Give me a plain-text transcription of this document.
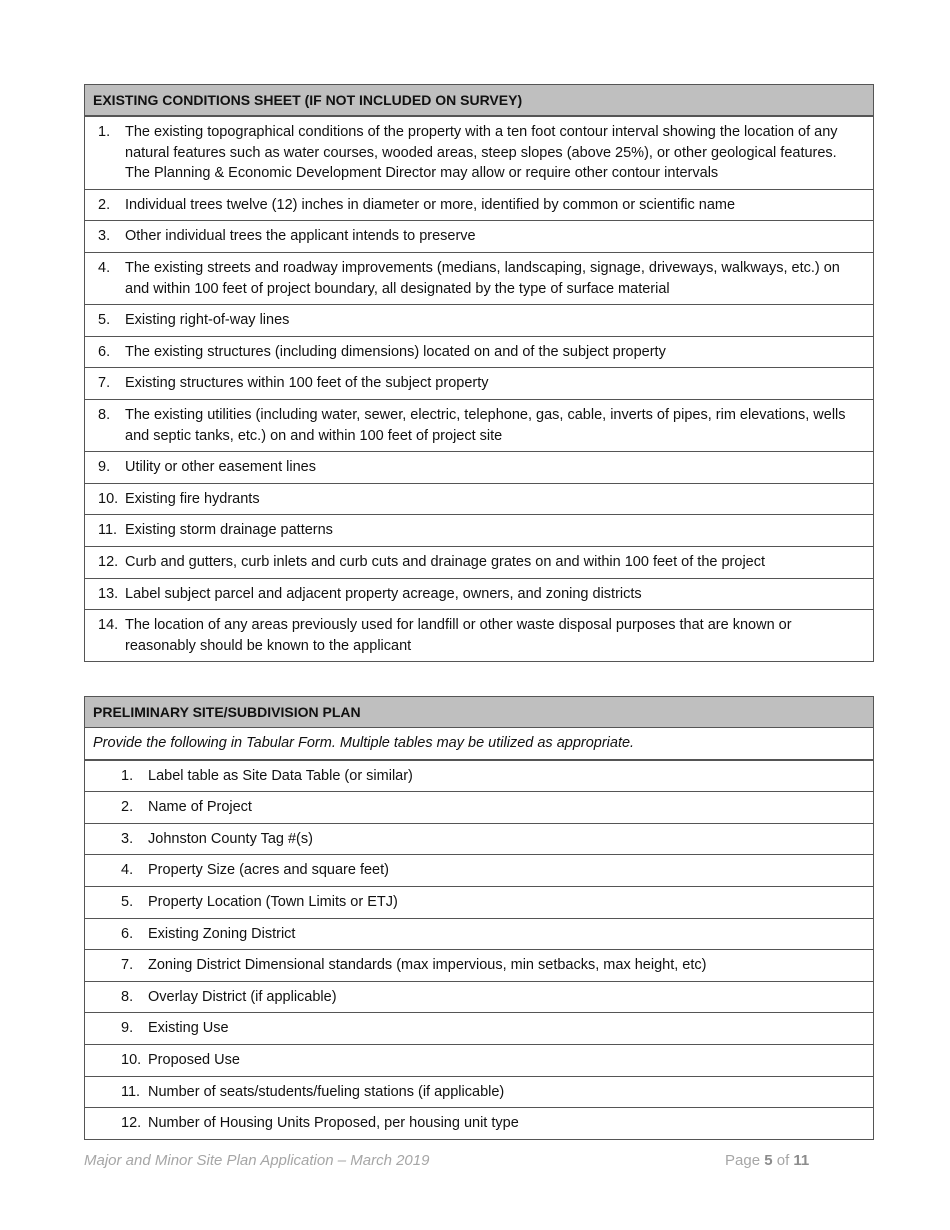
EXISTING CONDITIONS SHEET (IF NOT INCLUDED ON SURVEY)
1.	The existing topographical conditions of the property with a ten foot contour interval showing the location of any natural features such as water courses, wooded areas, steep slopes (above 25%), or other geological features. The Planning & Economic Development Director may allow or require other contour intervals
2.	Individual trees twelve (12) inches in diameter or more, identified by common or scientific name
3.	Other individual trees the applicant intends to preserve
4.	The existing streets and roadway improvements (medians, landscaping, signage, driveways, walkways, etc.) on and within 100 feet of project boundary, all designated by the type of surface material
5.	Existing right-of-way lines
6.	The existing structures (including dimensions) located on and of the subject property
7.	Existing structures within 100 feet of the subject property
8.	The existing utilities (including water, sewer, electric, telephone, gas, cable, inverts of pipes, rim elevations, wells and septic tanks, etc.) on and within 100 feet of project site
9.	Utility or other easement lines
10. Existing fire hydrants
11. Existing storm drainage patterns
12. Curb and gutters, curb inlets and curb cuts and drainage grates on and within 100 feet of the project
13. Label subject parcel and adjacent property acreage, owners, and zoning districts
14. The location of any areas previously used for landfill or other waste disposal purposes that are known or reasonably should be known to the applicant
PRELIMINARY SITE/SUBDIVISION PLAN
Provide the following in Tabular Form. Multiple tables may be utilized as appropriate.
1.	Label table as Site Data Table (or similar)
2.	Name of Project
3.	Johnston County Tag #(s)
4.	Property Size (acres and square feet)
5.	Property Location (Town Limits or ETJ)
6.	Existing Zoning District
7.	Zoning District Dimensional standards (max impervious, min setbacks, max height, etc)
8.	Overlay District (if applicable)
9.	Existing Use
10. Proposed Use
11. Number of seats/students/fueling stations (if applicable)
12. Number of Housing Units Proposed, per housing unit type
Major and Minor Site Plan Application – March 2019	Page 5 of 11
